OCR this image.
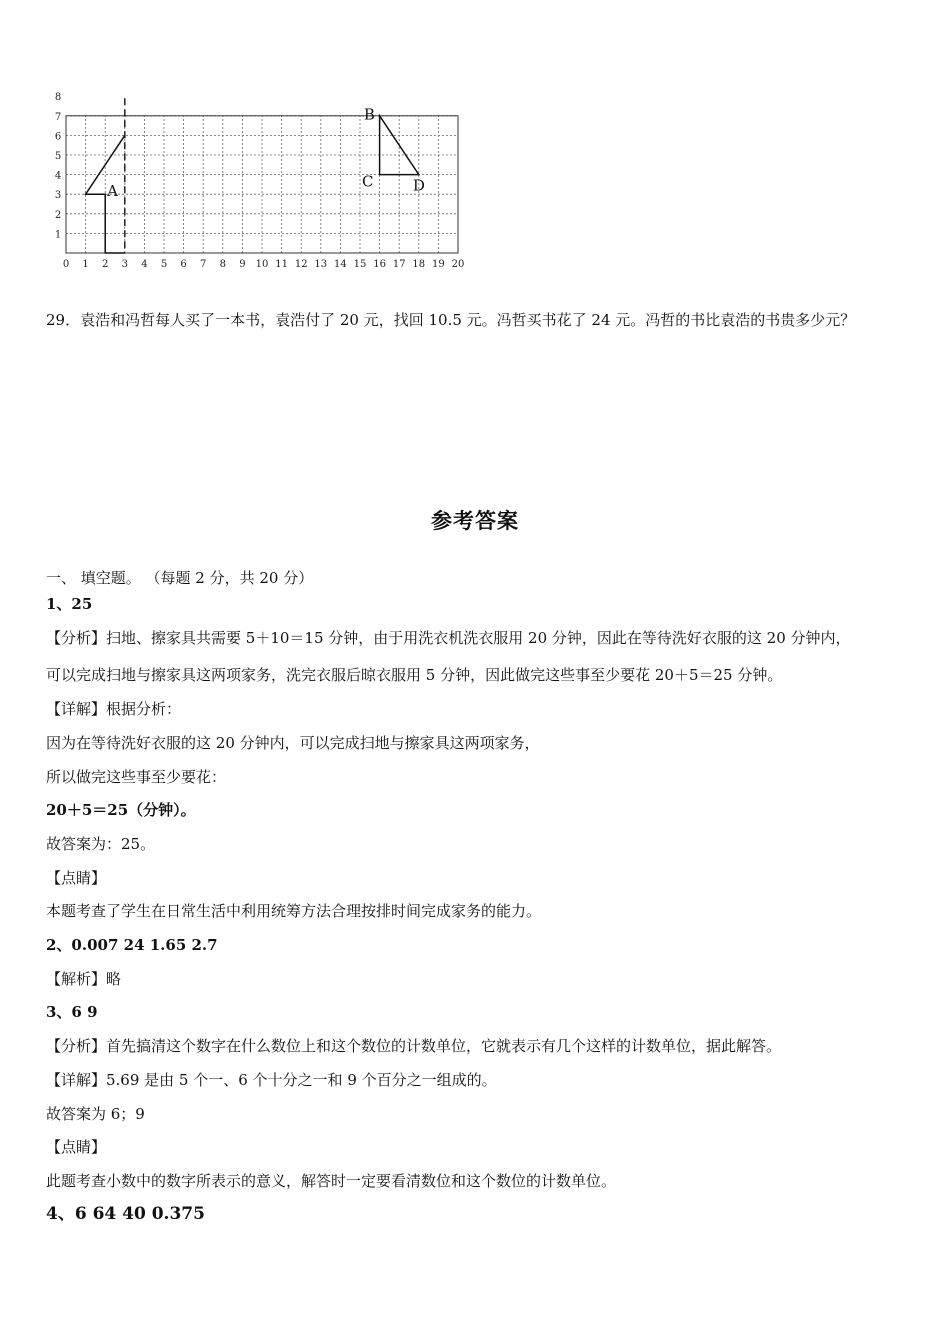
0 1 2 3 4 5 6 7 8 9 10 11 12 13 14 15 16 17 18 19 20
1
2
3
4
5
6
7
8
A
B
C	D
29．袁浩和冯哲每人买了一本书，袁浩付了 20 元，找回 10.5 元。冯哲买书花了 24 元。冯哲的书比袁浩的书贵多少元？
参考答案
一、 填空题。 （每题 2 分，共 20 分）
1、25
【分析】扫地、擦家具共需要 5＋10＝15 分钟，由于用洗衣机洗衣服用 20 分钟，因此在等待洗好衣服的这 20 分钟内，
可以完成扫地与擦家具这两项家务，洗完衣服后晾衣服用 5 分钟，因此做完这些事至少要花 20＋5＝25 分钟。
【详解】根据分析：
因为在等待洗好衣服的这 20 分钟内，可以完成扫地与擦家具这两项家务，
所以做完这些事至少要花：
20＋5＝25（分钟）。
故答案为：25。
【点睛】
本题考查了学生在日常生活中利用统筹方法合理按排时间完成家务的能力。
2、0.007 24 1.65 2.7
【解析】略
3、6 9
【分析】首先搞清这个数字在什么数位上和这个数位的计数单位，它就表示有几个这样的计数单位，据此解答。
【详解】5.69 是由 5 个一、6 个十分之一和 9 个百分之一组成的。
故答案为 6；9
【点睛】
此题考查小数中的数字所表示的意义，解答时一定要看清数位和这个数位的计数单位。
4、6 64 40 0.375
